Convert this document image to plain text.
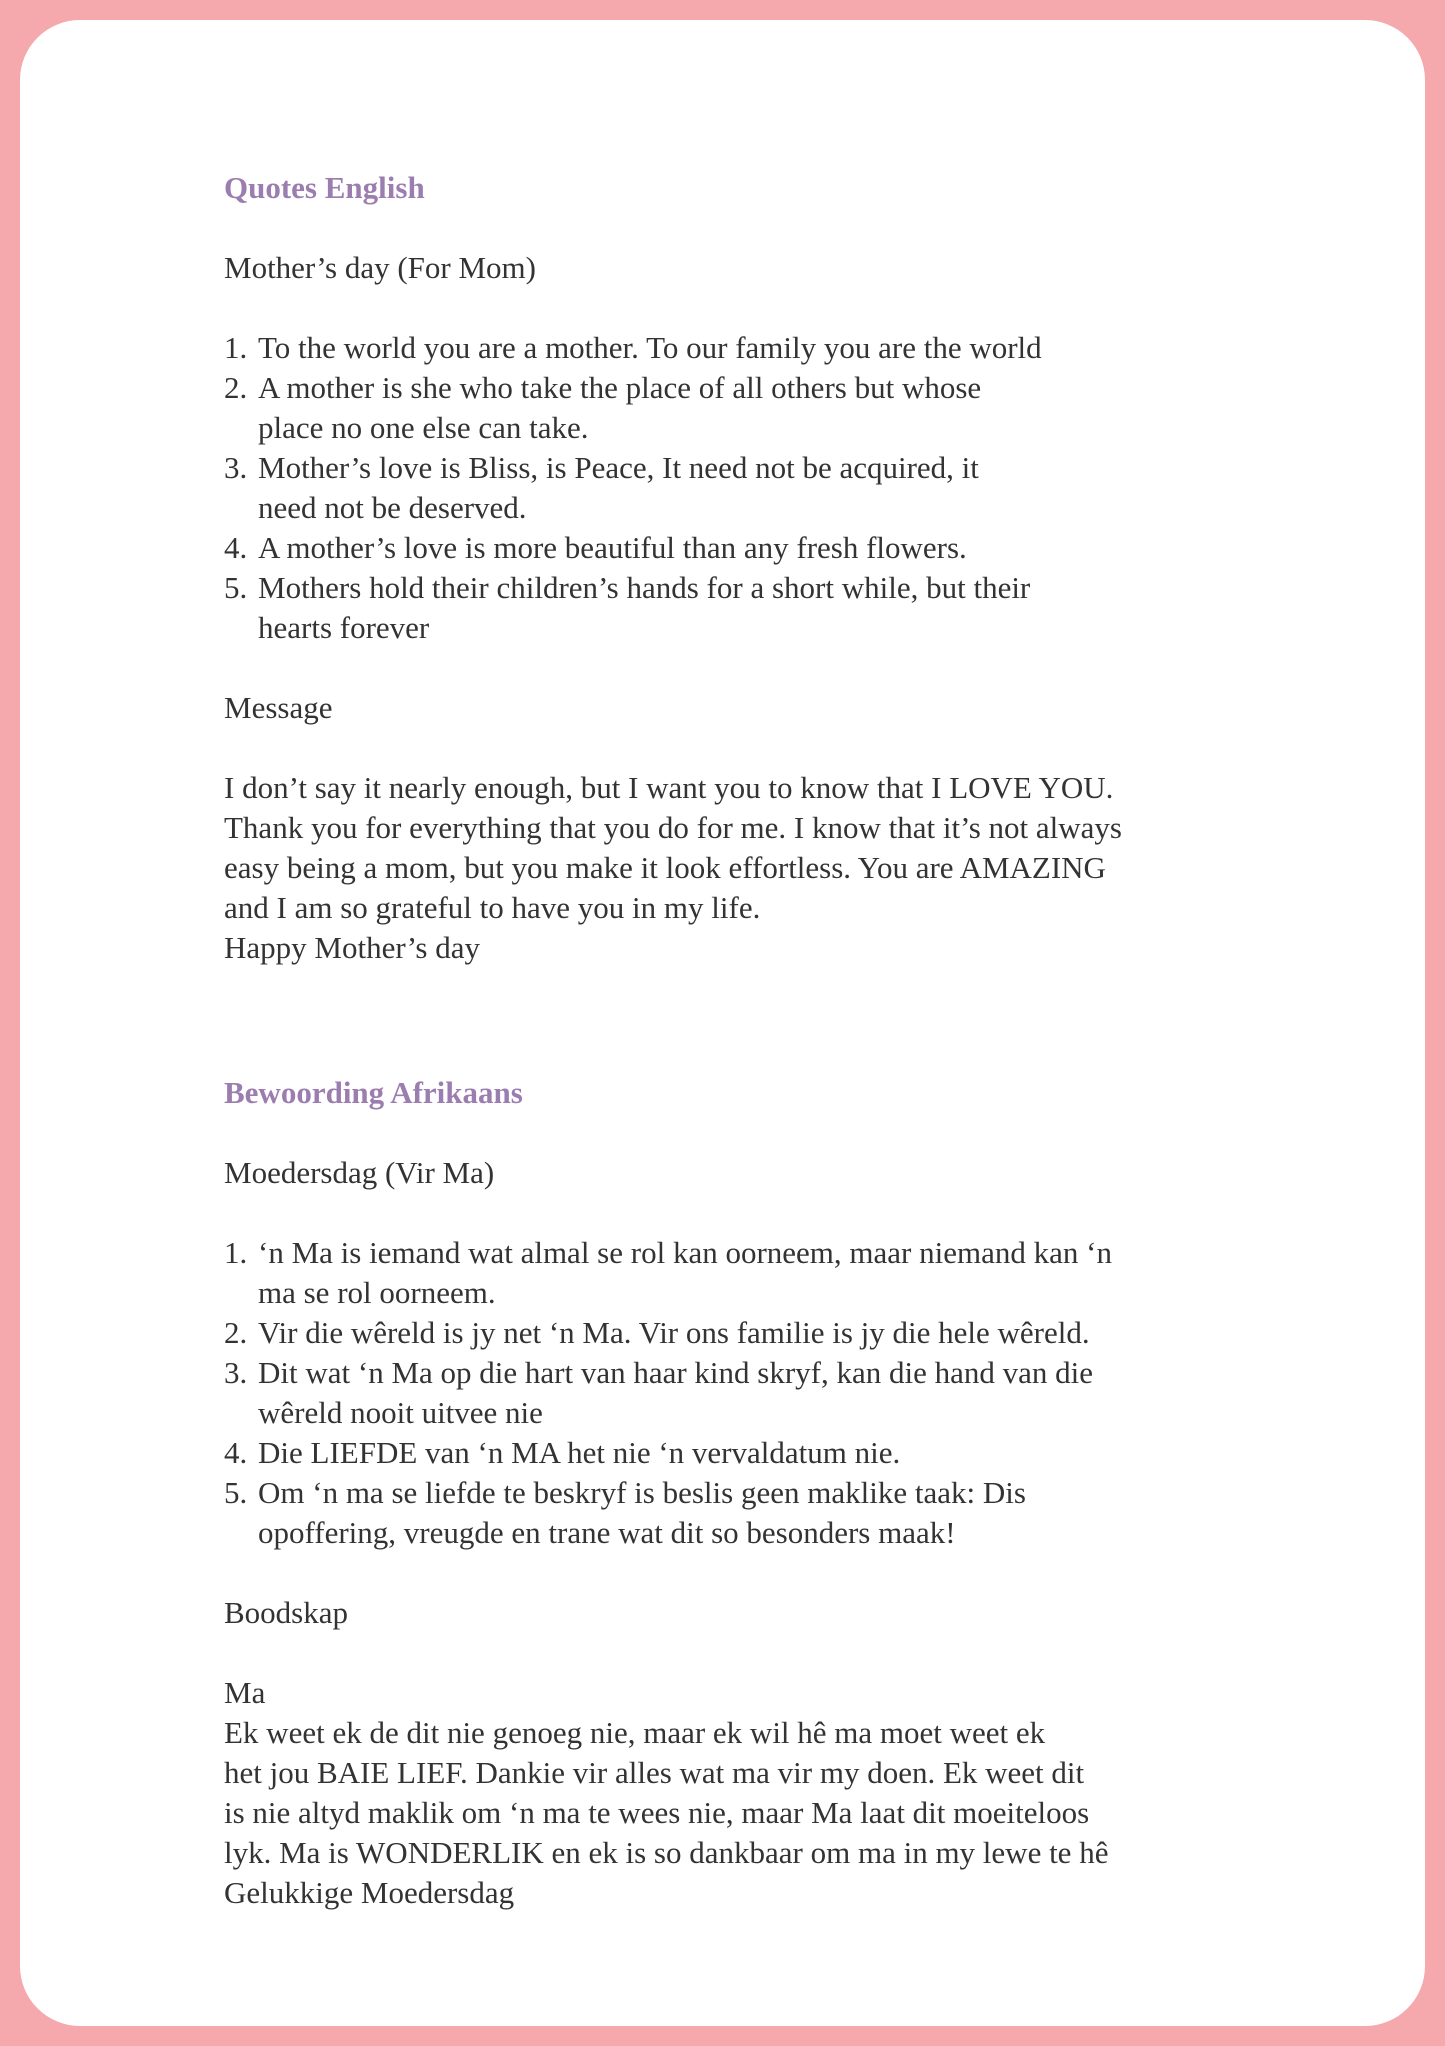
Quotes English
Mother’s day (For Mom)
1. To the world you are a mother. To our family you are the world
2. A mother is she who take the place of all others but whose
place no one else can take.
3. Mother’s love is Bliss, is Peace, It need not be acquired, it
need not be deserved.
4. A mother’s love is more beautiful than any fresh flowers.
5. Mothers hold their children’s hands for a short while, but their
hearts forever
Message
I don’t say it nearly enough, but I want you to know that I LOVE YOU.
Thank you for everything that you do for me. I know that it’s not always
easy being a mom, but you make it look effortless. You are AMAZING
and I am so grateful to have you in my life.
Happy Mother’s day
Bewoording Afrikaans
Moedersdag (Vir Ma)
1. ‘n Ma is iemand wat almal se rol kan oorneem, maar niemand kan ‘n
ma se rol oorneem.
2. Vir die wêreld is jy net ‘n Ma. Vir ons familie is jy die hele wêreld.
3. Dit wat ‘n Ma op die hart van haar kind skryf, kan die hand van die
wêreld nooit uitvee nie
4. Die LIEFDE van ‘n MA het nie ‘n vervaldatum nie.
5. Om ‘n ma se liefde te beskryf is beslis geen maklike taak: Dis
opoffering, vreugde en trane wat dit so besonders maak!
Boodskap
Ma
Ek weet ek de dit nie genoeg nie, maar ek wil hê ma moet weet ek
het jou BAIE LIEF. Dankie vir alles wat ma vir my doen. Ek weet dit
is nie altyd maklik om ‘n ma te wees nie, maar Ma laat dit moeiteloos
lyk. Ma is WONDERLIK en ek is so dankbaar om ma in my lewe te hê
Gelukkige Moedersdag
